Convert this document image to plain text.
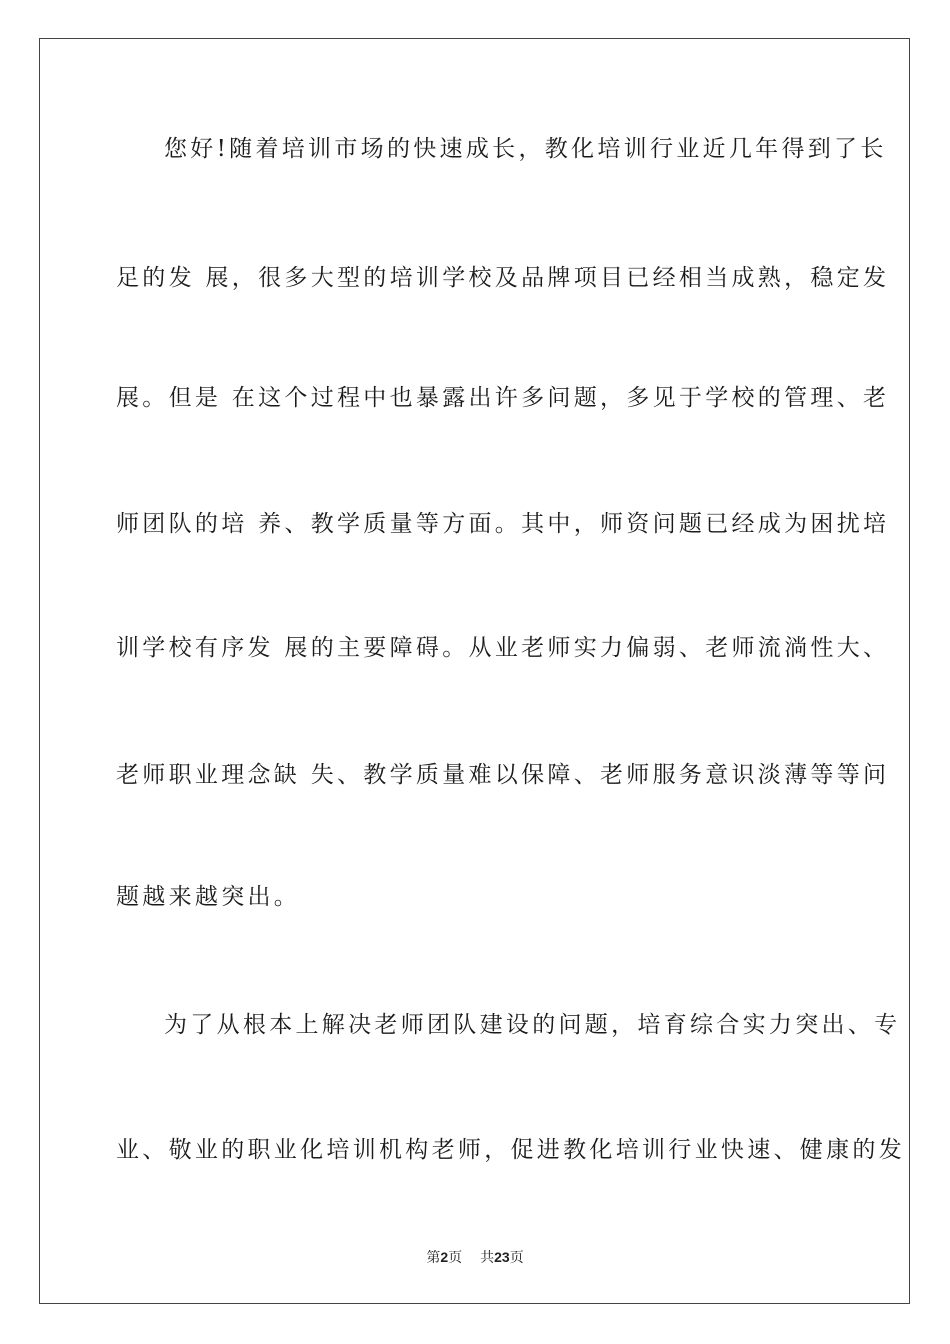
您好!随着培训市场的快速成长，教化培训行业近几年得到了长
足的发 展，很多大型的培训学校及品牌项目已经相当成熟，稳定发
展。但是 在这个过程中也暴露出许多问题，多见于学校的管理、老
师团队的培 养、教学质量等方面。其中，师资问题已经成为困扰培
训学校有序发 展的主要障碍。从业老师实力偏弱、老师流淌性大、
老师职业理念缺 失、教学质量难以保障、老师服务意识淡薄等等问
题越来越突出。
为了从根本上解决老师团队建设的问题，培育综合实力突出、专
业、敬业的职业化培训机构老师，促进教化培训行业快速、健康的发
第2页 共23页
